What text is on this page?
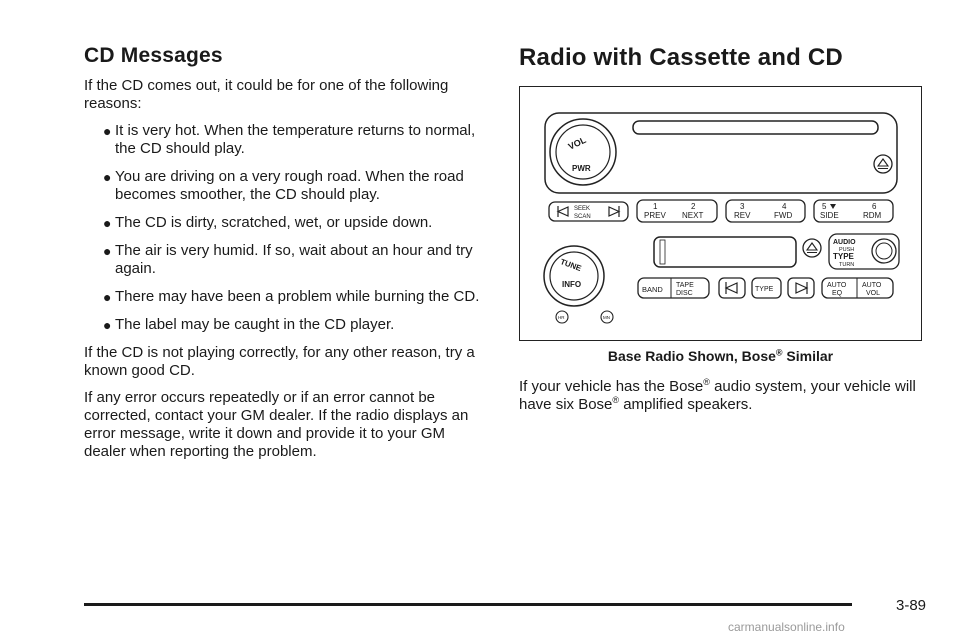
CD Messages

If the CD comes out, it could be for one of the following reasons:

● It is very hot. When the temperature returns to normal, the CD should play.
● You are driving on a very rough road. When the road becomes smoother, the CD should play.
● The CD is dirty, scratched, wet, or upside down.
● The air is very humid. If so, wait about an hour and try again.
● There may have been a problem while burning the CD.
● The label may be caught in the CD player.

If the CD is not playing correctly, for any other reason, try a known good CD.

If any error occurs repeatedly or if an error cannot be corrected, contact your GM dealer. If the radio displays an error message, write it down and provide it to your GM dealer when reporting the problem.

Radio with Cassette and CD
VOL
PWR
SEEK
SCAN
1
PREV
2
NEXT
3
REV
4
FWD
5
SIDE
6
RDM
TUNE
INFO
HR	MN
AUDIO
PUSH
TYPE
TURN
BAND TAPE
DISC
TYPE
AUTO
EQ
AUTO
VOL
Base Radio Shown, Bose® Similar
If your vehicle has the Bose® audio system, your vehicle will have six Bose® amplified speakers.
3-89
carmanualsonline.info
